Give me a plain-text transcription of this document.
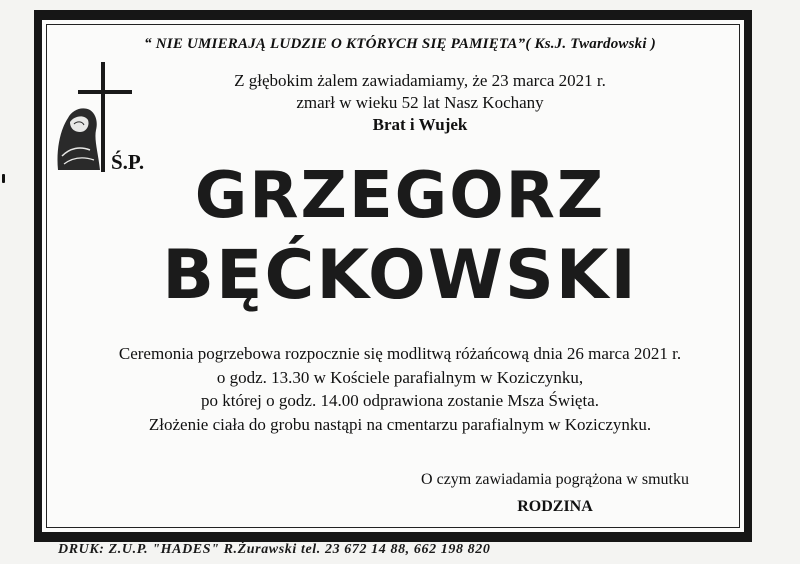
“ NIE UMIERAJĄ LUDZIE O KTÓRYCH SIĘ PAMIĘTA”( Ks.J. Twardowski )
Z głębokim żalem zawiadamiamy, że 23 marca 2021 r.
zmarł w wieku 52 lat Nasz Kochany
Brat i Wujek
Ś.P. GRZEGORZ
BĘĆKOWSKI
Ceremonia pogrzebowa rozpocznie się modlitwą różańcową dnia 26 marca 2021 r.
o godz. 13.30 w Kościele parafialnym w Koziczynku,
po której o godz. 14.00 odprawiona zostanie Msza Święta.
Złożenie ciała do grobu nastąpi na cmentarzu parafialnym w Koziczynku.
O czym zawiadamia pogrążona w smutku
RODZINA
DRUK: Z.U.P. "HADES" R.Żurawski tel. 23 672 14 88, 662 198 820
